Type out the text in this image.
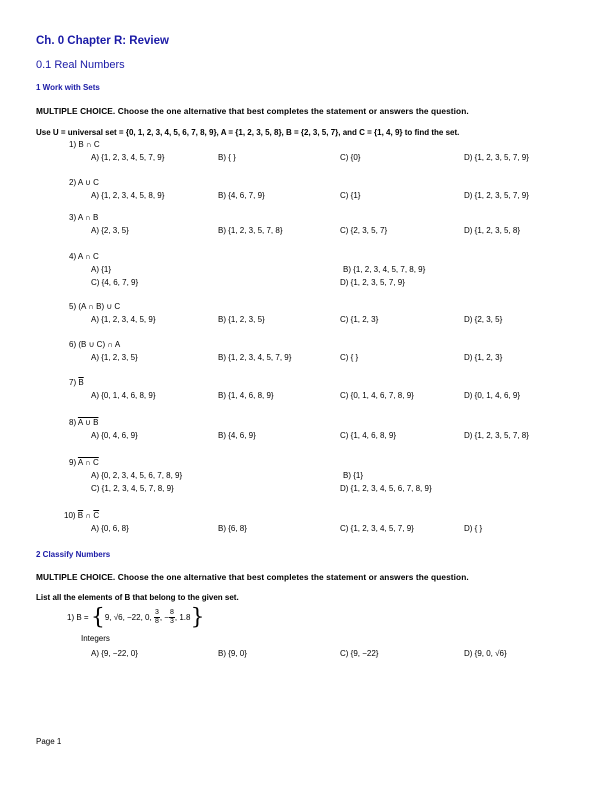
Ch. 0 Chapter R: Review
0.1 Real Numbers
1 Work with Sets
MULTIPLE CHOICE. Choose the one alternative that best completes the statement or answers the question.
Use U = universal set = {0, 1, 2, 3, 4, 5, 6, 7, 8, 9}, A = {1, 2, 3, 5, 8}, B = {2, 3, 5, 7}, and C = {1, 4, 9} to find the set.
1) B ∩ C
A) {1, 2, 3, 4, 5, 7, 9}	B) { }	C) {0}	D) {1, 2, 3, 5, 7, 9}
2) A ∪ C
A) {1, 2, 3, 4, 5, 8, 9}	B) {4, 6, 7, 9}	C) {1}	D) {1, 2, 3, 5, 7, 9}
3) A ∩ B
A) {2, 3, 5}	B) {1, 2, 3, 5, 7, 8}	C) {2, 3, 5, 7}	D) {1, 2, 3, 5, 8}
4) A ∩ C
A) {1}	B) {1, 2, 3, 4, 5, 7, 8, 9}
C) {4, 6, 7, 9}	D) {1, 2, 3, 5, 7, 9}
5) (A ∩ B) ∪ C
A) {1, 2, 3, 4, 5, 9}	B) {1, 2, 3, 5}	C) {1, 2, 3}	D) {2, 3, 5}
6) (B ∪ C) ∩ A
A) {1, 2, 3, 5}	B) {1, 2, 3, 4, 5, 7, 9}	C) { }	D) {1, 2, 3}
7) $\overline{B}$
A) {0, 1, 4, 6, 8, 9}	B) {1, 4, 6, 8, 9}	C) {0, 1, 4, 6, 7, 8, 9}	D) {0, 1, 4, 6, 9}
8) A ∪ B
A) {0, 4, 6, 9}	B) {4, 6, 9}	C) {1, 4, 6, 8, 9}	D) {1, 2, 3, 5, 7, 8}
9) A ∩ C
A) {0, 2, 3, 4, 5, 6, 7, 8, 9}	B) {1}
C) {1, 2, 3, 4, 5, 7, 8, 9}	D) {1, 2, 3, 4, 5, 6, 7, 8, 9}
10) $\overline{B}$ ∩ $\overline{C}$
A) {0, 6, 8}	B) {6, 8}	C) {1, 2, 3, 4, 5, 7, 9}	D) { }
2 Classify Numbers
MULTIPLE CHOICE. Choose the one alternative that best completes the statement or answers the question.
List all the elements of B that belong to the given set.
1) B = {9, √6, −22, 0, $\frac{3}{8}$ , − $\frac{8}{3}$ , 1.8}
Integers
A) {9, −22, 0}	B) {9, 0}	C) {9, −22}	D) {9, 0, √6}
Page 1
